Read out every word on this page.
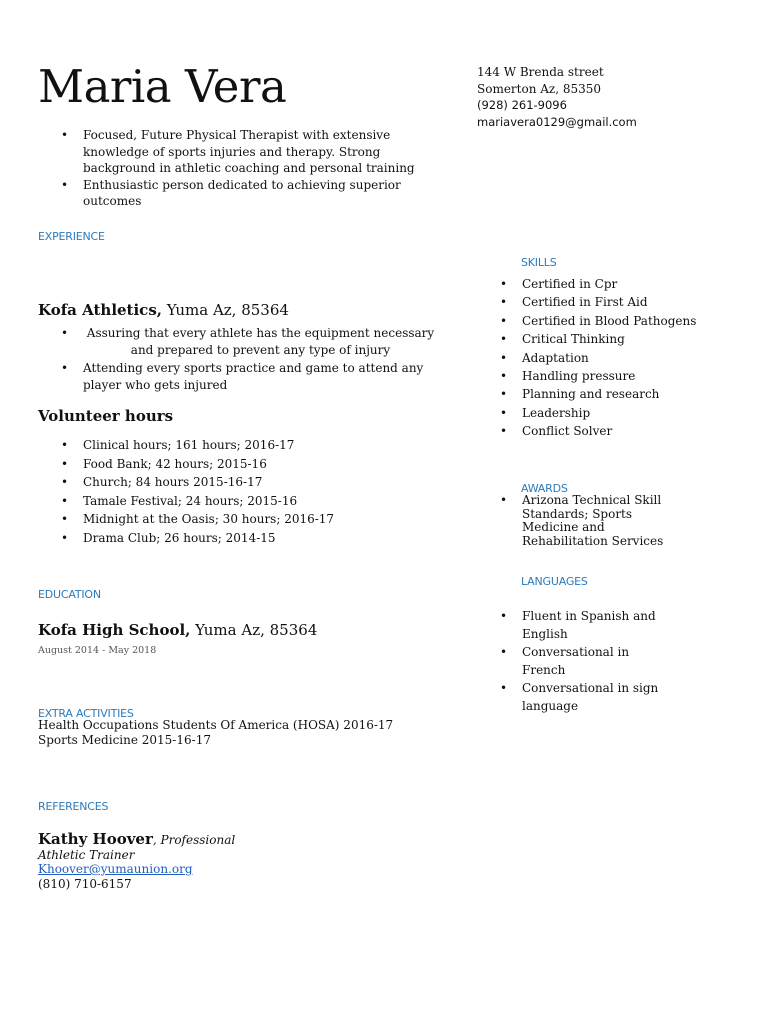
Maria Vera	144 W Brenda street
Somerton Az, 85350
(928) 261-9096
mariavera0129@gmail.com
• Focused, Future Physical Therapist with extensive knowledge of sports injuries and therapy. Strong background in athletic coaching and personal training
• Enthusiastic person dedicated to achieving superior outcomes
EXPERIENCE
Kofa Athletics, Yuma Az, 85364
• Assuring that every athlete has the equipment necessary and prepared to prevent any type of injury
• Attending every sports practice and game to attend any player who gets injured
Volunteer hours
• Clinical hours; 161 hours; 2016-17
• Food Bank; 42 hours; 2015-16
• Church; 84 hours 2015-16-17
• Tamale Festival; 24 hours; 2015-16
• Midnight at the Oasis; 30 hours; 2016-17
• Drama Club; 26 hours; 2014-15
EDUCATION
Kofa High School, Yuma Az, 85364
August 2014 - May 2018
EXTRA ACTIVITIES
Health Occupations Students Of America (HOSA) 2016-17
Sports Medicine 2015-16-17
REFERENCES
Kathy Hoover, Professional
Athletic Trainer
Khoover@yumaunion.org
(810) 710-6157
SKILLS
• Certified in Cpr
• Certified in First Aid
• Certified in Blood Pathogens
• Critical Thinking
• Adaptation
• Handling pressure
• Planning and research
• Leadership
• Conflict Solver
AWARDS
• Arizona Technical Skill Standards; Sports Medicine and Rehabilitation Services
LANGUAGES
• Fluent in Spanish and English
• Conversational in French
• Conversational in sign language
